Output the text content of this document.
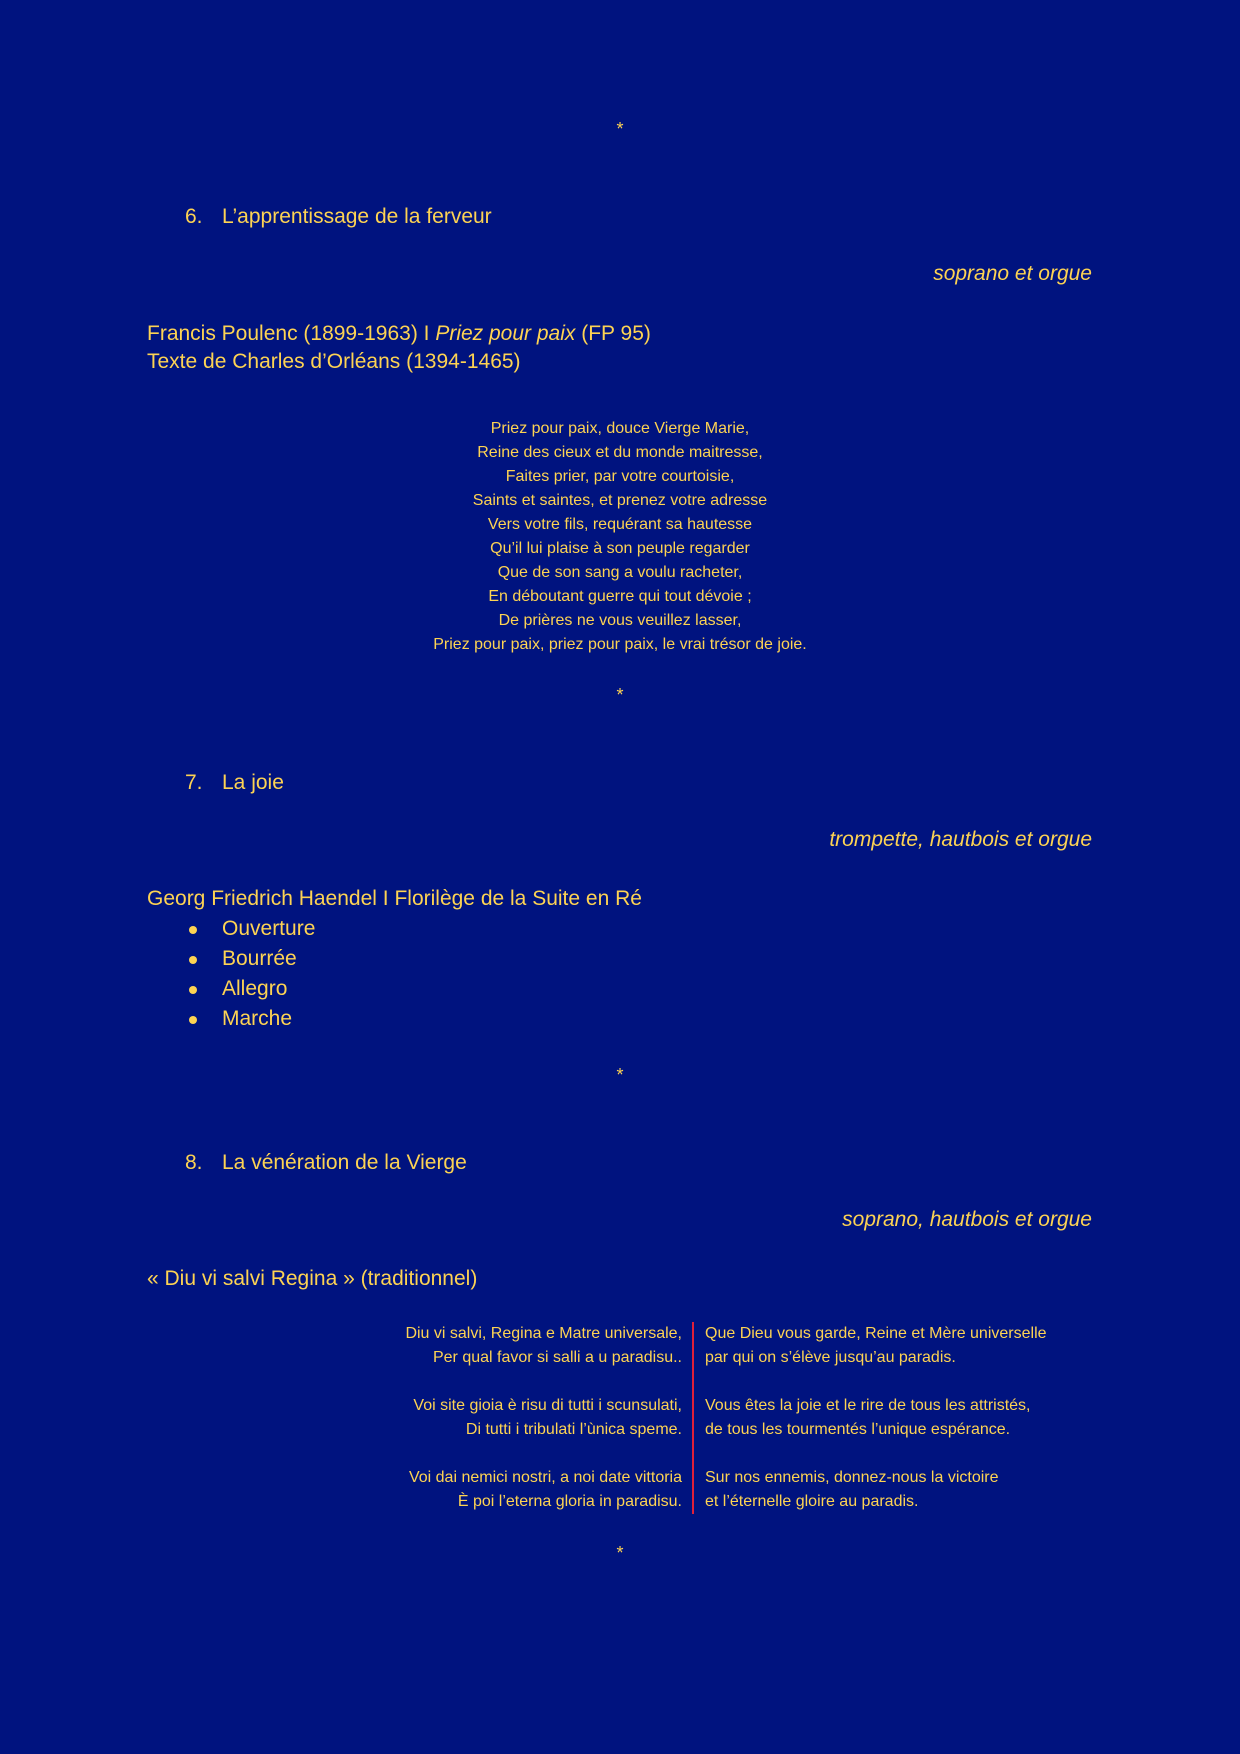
*
6. L’apprentissage de la ferveur
soprano et orgue
Francis Poulenc (1899-1963) I Priez pour paix (FP 95)
Texte de Charles d’Orléans (1394-1465)
Priez pour paix, douce Vierge Marie,
Reine des cieux et du monde maitresse,
Faites prier, par votre courtoisie,
Saints et saintes, et prenez votre adresse
Vers votre fils, requérant sa hautesse
Qu’il lui plaise à son peuple regarder
Que de son sang a voulu racheter,
En déboutant guerre qui tout dévoie ;
De prières ne vous veuillez lasser,
Priez pour paix, priez pour paix, le vrai trésor de joie.
*
7. La joie
trompette, hautbois et orgue
Georg Friedrich Haendel I Florilège de la Suite en Ré
Ouverture
Bourrée
Allegro
Marche
*
8. La vénération de la Vierge
soprano, hautbois et orgue
« Diu vi salvi Regina » (traditionnel)
Diu vi salvi, Regina e Matre universale,
Per qual favor si salli a u paradisu..
Voi site gioia è risu di tutti i scunsulati,
Di tutti i tribulati l’ùnica speme.
Voi dai nemici nostri, a noi date vittoria
È poi l’eterna gloria in paradisu.
Que Dieu vous garde, Reine et Mère universelle
par qui on s’élève jusqu’au paradis.
Vous êtes la joie et le rire de tous les attristés,
de tous les tourmentés l’unique espérance.
Sur nos ennemis, donnez-nous la victoire
et l’éternelle gloire au paradis.
*
